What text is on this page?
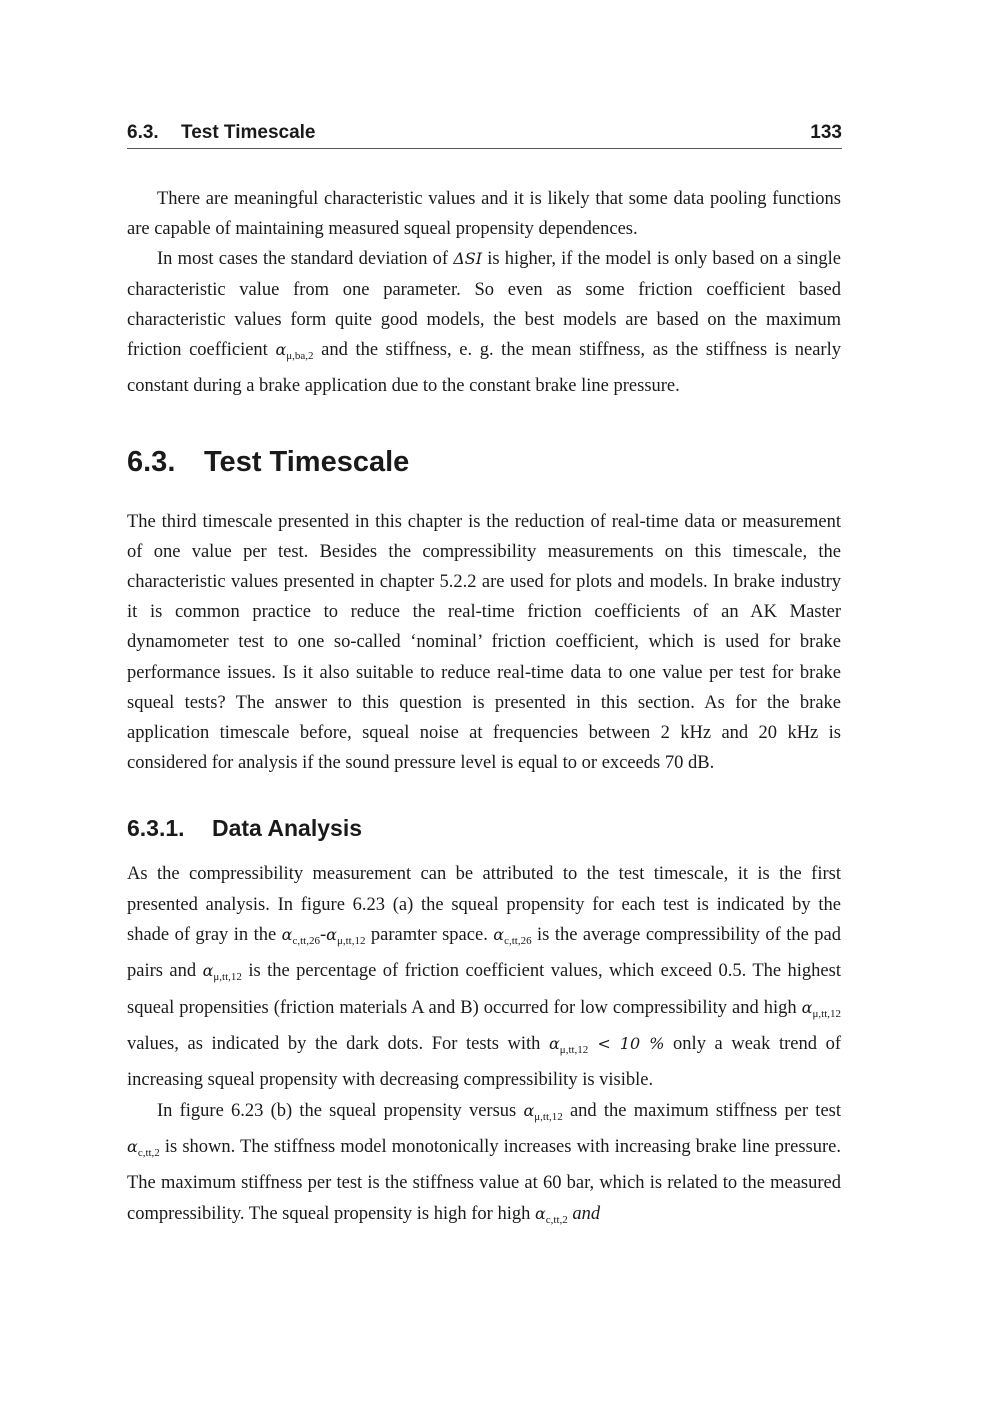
6.3. Test Timescale	133

There are meaningful characteristic values and it is likely that some data pooling functions are capable of maintaining measured squeal propensity dependences.

In most cases the standard deviation of ΔSI is higher, if the model is only based on a single characteristic value from one parameter. So even as some friction coefficient based characteristic values form quite good models, the best models are based on the maximum friction coefficient $\alpha_{\mu,ba,2}$ and the stiffness, e. g. the mean stiffness, as the stiffness is nearly constant during a brake application due to the constant brake line pressure.

6.3. Test Timescale

The third timescale presented in this chapter is the reduction of real-time data or measurement of one value per test. Besides the compressibility measurements on this timescale, the characteristic values presented in chapter 5.2.2 are used for plots and models. In brake industry it is common practice to reduce the real-time friction coefficients of an AK Master dynamometer test to one so-called ‘nominal’ friction coefficient, which is used for brake performance issues. Is it also suitable to reduce real-time data to one value per test for brake squeal tests? The answer to this question is presented in this section. As for the brake application timescale before, squeal noise at frequencies between 2 kHz and 20 kHz is considered for analysis if the sound pressure level is equal to or exceeds 70 dB.

6.3.1. Data Analysis

As the compressibility measurement can be attributed to the test timescale, it is the first presented analysis. In figure 6.23 (a) the squeal propensity for each test is indicated by the shade of gray in the $\alpha_{c,tt,26}-\alpha_{\mu,tt,12}$ paramter space. $\alpha_{c,tt,26}$ is the average compressibility of the pad pairs and $\alpha_{\mu,tt,12}$ is the percentage of friction coefficient values, which exceed 0.5. The highest squeal propensities (friction materials A and B) occurred for low compressibility and high $\alpha_{\mu,tt,12}$ values, as indicated by the dark dots. For tests with $\alpha_{\mu,tt,12} < 10$ % only a weak trend of increasing squeal propensity with decreasing compressibility is visible.

In figure 6.23 (b) the squeal propensity versus $\alpha_{\mu,tt,12}$ and the maximum stiffness per test $\alpha_{c,tt,2}$ is shown. The stiffness model monotonically increases with increasing brake line pressure. The maximum stiffness per test is the stiffness value at 60 bar, which is related to the measured compressibility. The squeal propensity is high for high $\alpha_{c,tt,2}$ and
